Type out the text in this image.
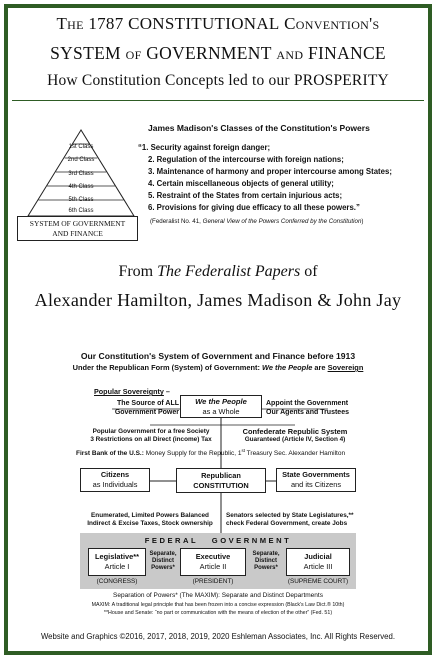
The 1787 CONSTITUTIONAL Convention's
SYSTEM of GOVERNMENT and FINANCE
How Constitution Concepts led to our PROSPERITY
1st Class
2nd Class
3rd Class
4th Class
5th Class
6th Class
SYSTEM OF GOVERNMENT
AND FINANCE
James Madison's Classes of the Constitution's Powers
“1. Security against foreign danger;
2. Regulation of the intercourse with foreign nations;
3. Maintenance of harmony and proper intercourse among States;
4. Certain miscellaneous objects of general utility;
5. Restraint of the States from certain injurious acts;
6. Provisions for giving due efficacy to all these powers.”
(Federalist No. 41, General View of the Powers Conferred by the Constitution)
From The Federalist Papers of
Alexander Hamilton, James Madison & John Jay
Our Constitution's System of Government and Finance before 1913
Under the Republican Form (System) of Government: We the People are Sovereign
Popular Sovereignty –
The Source of ALL
Government Power
We the People
as a Whole
Appoint the Government
Our Agents and Trustees
Popular Government for a free Society
3 Restrictions on all Direct (income) Tax
Confederate Republic System
Guaranteed (Article IV, Section 4)
First Bank of the U.S.: Money Supply for the Republic, 1st Treasury Sec. Alexander Hamilton
Citizens
as Individuals
Republican
CONSTITUTION
State Governments
and its Citizens
Enumerated, Limited Powers Balanced
Indirect & Excise Taxes, Stock ownership
Senators selected by State Legislatures,**
check Federal Government, create Jobs
FEDERAL   GOVERNMENT
Legislative**
Article I
Separate,
Distinct
Powers*
Executive
Article II
Separate,
Distinct
Powers*
Judicial
Article III
(CONGRESS)	(PRESIDENT)	(SUPREME COURT)
Separation of Powers* (The MAXIM): Separate and Distinct Departments
MAXIM: A traditional legal principle that has been frozen into a concise expression (Black's Law Dict.® 10th)
**House and Senate: “no part or communication with the means of election of the other” (Fed. 51)
Website and Graphics ©2016, 2017, 2018, 2019, 2020 Eshleman Associates, Inc. All Rights Reserved.
